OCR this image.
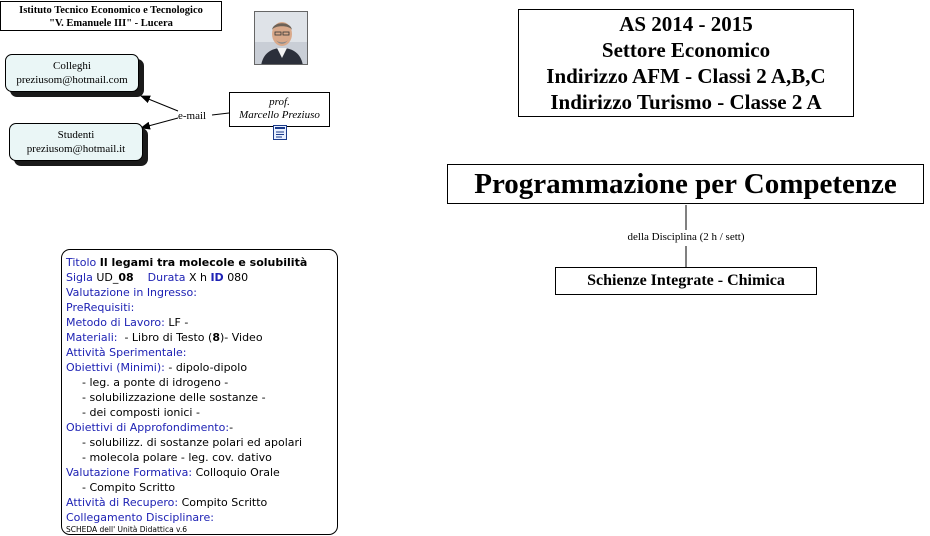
Istituto Tecnico Economico e Tecnologico
"V. Emanuele III" - Lucera
Colleghi
preziusom@hotmail.com
Studenti
preziusom@hotmail.it
e-mail
prof.
Marcello Preziuso
AS 2014 - 2015
Settore Economico
Indirizzo AFM - Classi 2 A,B,C
Indirizzo Turismo - Classe 2 A
Programmazione per Competenze
della Disciplina (2 h / sett)
Schienze Integrate - Chimica
Titolo Il legami tra molecole e solubilità
Sigla UD_08 Durata X h ID 080
Valutazione in Ingresso:
PreRequisiti:
Metodo di Lavoro: LF -
Materiali: - Libro di Testo (8)- Video
Attività Sperimentale:
Obiettivi (Minimi): - dipolo-dipolo
- leg. a ponte di idrogeno -
- solubilizzazione delle sostanze -
- dei composti ionici -
Obiettivi di Approfondimento:-
- solubilizz. di sostanze polari ed apolari
- molecola polare - leg. cov. dativo
Valutazione Formativa: Colloquio Orale
- Compito Scritto
Attività di Recupero: Compito Scritto
Collegamento Disciplinare:
SCHEDA dell' Unità Didattica v.6
